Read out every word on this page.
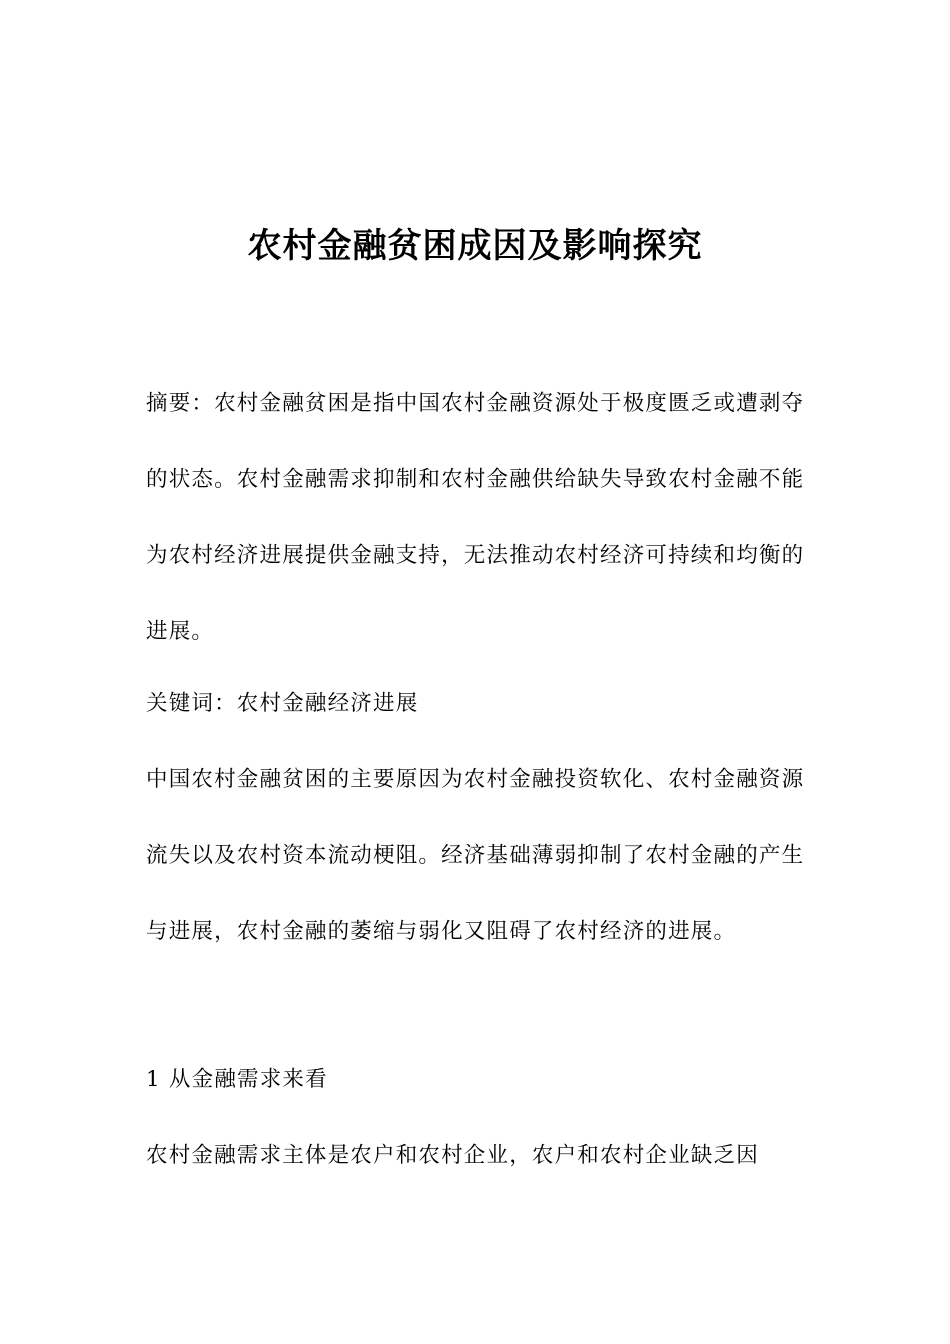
农村金融贫困成因及影响探究

摘要：农村金融贫困是指中国农村金融资源处于极度匮乏或遭剥夺的状态。农村金融需求抑制和农村金融供给缺失导致农村金融不能为农村经济进展提供金融支持，无法推动农村经济可持续和均衡的进展。

关键词：农村金融经济进展

中国农村金融贫困的主要原因为农村金融投资软化、农村金融资源流失以及农村资本流动梗阻。经济基础薄弱抑制了农村金融的产生与进展，农村金融的萎缩与弱化又阻碍了农村经济的进展。

1 从金融需求来看

农村金融需求主体是农户和农村企业，农户和农村企业缺乏因
